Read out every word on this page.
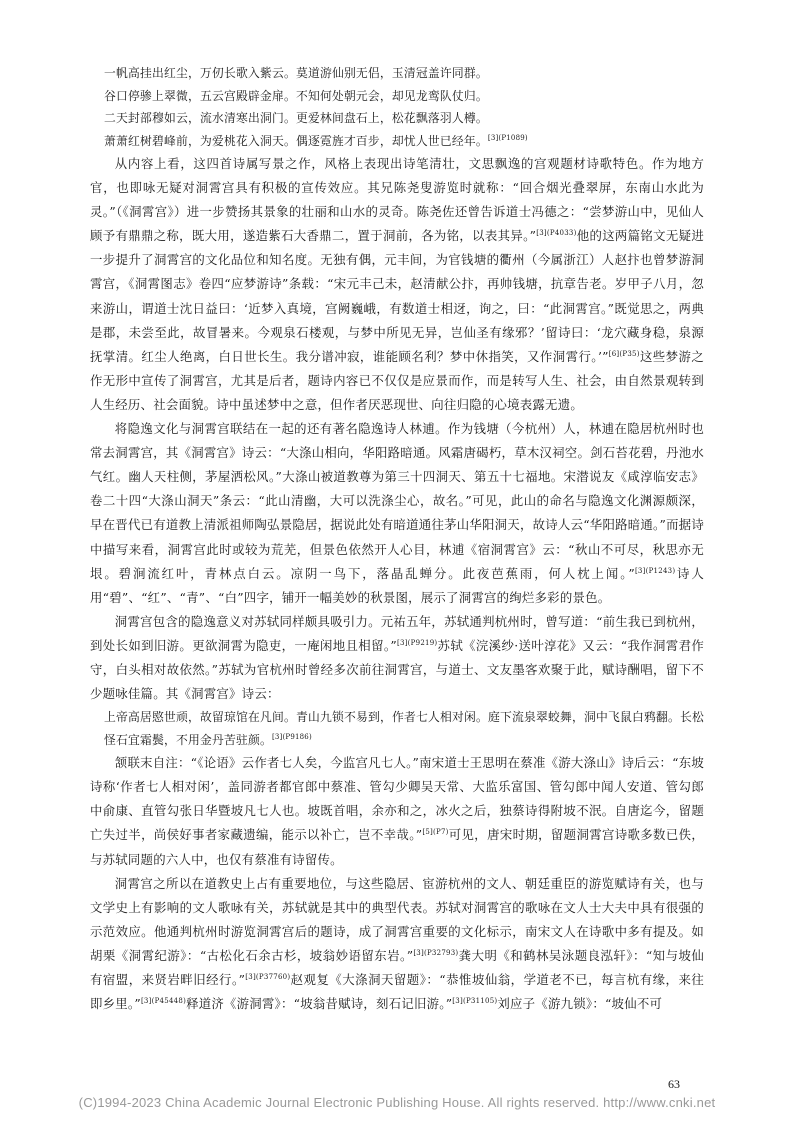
一帆高挂出红尘，万仞长歌入紫云。莫道游仙别无侣，玉清冠盖许同群。
谷口停骖上翠微，五云宫殿辟金扉。不知何处朝元会，却见龙鸾队仗归。
二天封部穆如云，流水清寒出洞门。更爱林间盘石上，松花飘落羽人樽。
萧萧红树碧峰前，为爱桃花入洞天。偶逐霓旌才百步，却忧人世已经年。$^{[3](P1089)}$

从内容上看，这四首诗属写景之作，风格上表现出诗笔清壮，文思飘逸的宫观题材诗歌特色。作为地方官，也即咏无疑对洞霄宫具有积极的宣传效应。其兄陈尧叟游览时就称：“回合烟光叠翠屏，东南山水此为灵。”（《洞霄宫》）进一步赞扬其景象的壮丽和山水的灵奇。陈尧佐还曾告诉道士冯德之：“尝梦游山中，见仙人顾予有鼎鼎之称，既大用，遂造紫石大香鼎二，置于洞前，各为铭，以表其异。”$^{[3](P4033)}$他的这两篇铭文无疑进一步提升了洞霄宫的文化品位和知名度。无独有偶，元丰间，为官钱塘的衢州（今属浙江）人赵抃也曾梦游洞霄宫，《洞霄图志》卷四“应梦游诗”条载：“宋元丰己未，赵清献公抃，再帅钱塘，抗章告老。岁甲子八月，忽来游山，谓道士沈日益曰：‘近梦入真境，宫阙巍峨，有数道士相迓，询之，曰：“此洞霄宫。”既觉思之，两典是郡，未尝至此，故冒暑来。今观泉石楼观，与梦中所见无异，岂仙圣有缘邪？’留诗曰：‘龙穴藏身稳，泉源抚掌清。红尘人绝离，白日世长生。我分谱冲寂，谁能顾名利？梦中休指笑，又作洞霄行。’”$^{[6](P35)}$这些梦游之作无形中宣传了洞霄宫，尤其是后者，题诗内容已不仅仅是应景而作，而是转写人生、社会，由自然景观转到人生经历、社会面貌。诗中虽述梦中之意，但作者厌恶现世、向往归隐的心境表露无遗。

将隐逸文化与洞霄宫联结在一起的还有著名隐逸诗人林逋。作为钱塘（今杭州）人，林逋在隐居杭州时也常去洞霄宫，其《洞霄宫》诗云：“大涤山相向，华阳路暗通。风霜唐碣朽，草木汉祠空。剑石苔花碧，丹池水气红。幽人天柱侧，茅屋洒松风。”大涤山被道教尊为第三十四洞天、第五十七福地。宋潜说友《咸淳临安志》卷二十四“大涤山洞天”条云：“此山清幽，大可以洗涤尘心，故名。”可见，此山的命名与隐逸文化渊源颇深，早在晋代已有道教上清派祖师陶弘景隐居，据说此处有暗道通往茅山华阳洞天，故诗人云“华阳路暗通。”而据诗中描写来看，洞霄宫此时或较为荒芜，但景色依然开人心目，林逋《宿洞霄宫》云：“秋山不可尽，秋思亦无垠。碧涧流红叶，青林点白云。凉阴一鸟下，落晶乱蝉分。此夜芭蕉雨，何人枕上闻。”$^{[3](P1243)}$诗人用“碧”、“红”、“青”、“白”四字，铺开一幅美妙的秋景图，展示了洞霄宫的绚烂多彩的景色。

洞霄宫包含的隐逸意义对苏轼同样颇具吸引力。元祐五年，苏轼通判杭州时，曾写道：“前生我已到杭州，到处长如到旧游。更欲洞霄为隐吏，一庵闲地且相留。”$^{[3](P9219)}$苏轼《浣溪纱·送叶淳花》又云：“我作洞霄君作守，白头相对故依然。”苏轼为官杭州时曾经多次前往洞霄宫，与道士、文友墨客欢聚于此，赋诗酬唱，留下不少题咏佳篇。其《洞霄宫》诗云：

上帝高居愍世顽，故留琼馆在凡间。青山九锁不易到，作者七人相对闲。庭下流泉翠蛟舞，洞中飞鼠白鸦翻。长松怪石宜霜鬓，不用金丹苦驻颜。$^{[3](P9186)}$

颔联末自注：“《论语》云作者七人矣，今监宫凡七人。”南宋道士王思明在蔡准《游大涤山》诗后云：“东坡诗称‘作者七人相对闲’，盖同游者都官郎中蔡准、管勾少卿吴天常、大监乐富国、管勾郎中闻人安道、管勾郎中俞康、直管勾张日华暨坡凡七人也。坡既首唱，余亦和之，冰火之后，独蔡诗得附坡不泯。自唐迄今，留题亡失过半，尚侯好事者家藏遗编，能示以补亡，岂不幸哉。”$^{[5](P7)}$可见，唐宋时期，留题洞霄宫诗歌多数已佚，与苏轼同题的六人中，也仅有蔡准有诗留传。

洞霄宫之所以在道教史上占有重要地位，与这些隐居、宦游杭州的文人、朝廷重臣的游览赋诗有关，也与文学史上有影响的文人歌咏有关，苏轼就是其中的典型代表。苏轼对洞霄宫的歌咏在文人士大夫中具有很强的示范效应。他通判杭州时游览洞霄宫后的题诗，成了洞霄宫重要的文化标示，南宋文人在诗歌中多有提及。如胡栗《洞霄纪游》：“古松化石余古杉，坡翁妙语留东岩。”$^{[3](P32793)}$龚大明《和鹤林吴泳题良泓轩》：“知与坡仙有宿盟，来贤岩畔旧经行。”$^{[3](P37760)}$赵观复《大涤洞天留题》：“恭惟坡仙翁，学道老不已，每言杭有缘，来往即乡里。”$^{[3](P45448)}$释道济《游洞霄》：“坡翁昔赋诗，刻石记旧游。”$^{[3](P31105)}$刘应子《游九锁》：“坡仙不可

63
(C)1994-2023 China Academic Journal Electronic Publishing House. All rights reserved. http://www.cnki.net
